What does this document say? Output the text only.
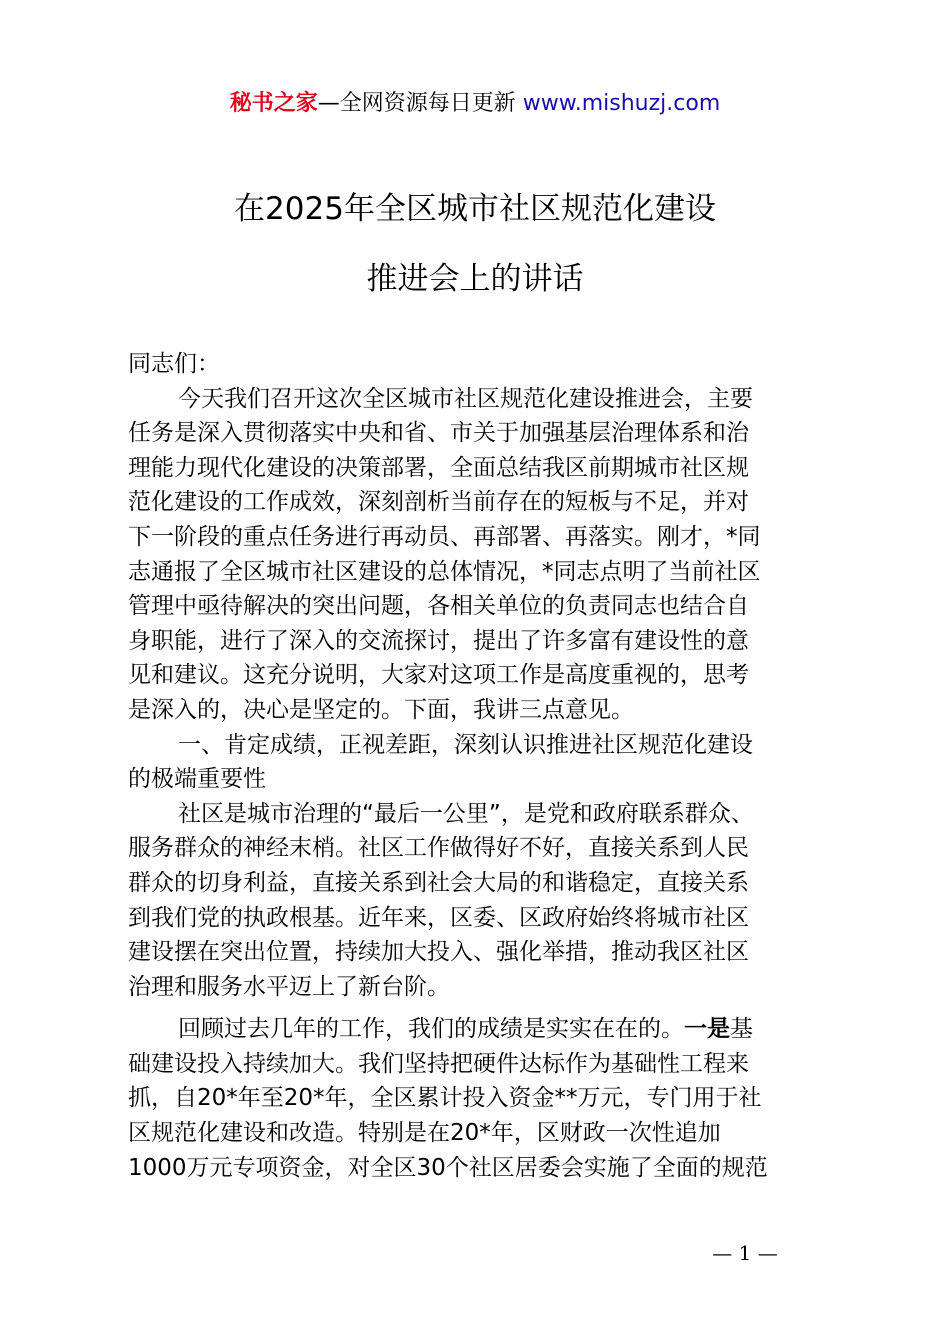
秘书之家—全网资源每日更新 www.mishuzj.com
在2025年全区城市社区规范化建设
推进会上的讲话
同志们：
今天我们召开这次全区城市社区规范化建设推进会，主要
任务是深入贯彻落实中央和省、市关于加强基层治理体系和治
理能力现代化建设的决策部署，全面总结我区前期城市社区规
范化建设的工作成效，深刻剖析当前存在的短板与不足，并对
下一阶段的重点任务进行再动员、再部署、再落实。刚才，*同
志通报了全区城市社区建设的总体情况，*同志点明了当前社区
管理中亟待解决的突出问题，各相关单位的负责同志也结合自
身职能，进行了深入的交流探讨，提出了许多富有建设性的意
见和建议。这充分说明，大家对这项工作是高度重视的，思考
是深入的，决心是坚定的。下面，我讲三点意见。
一、肯定成绩，正视差距，深刻认识推进社区规范化建设
的极端重要性
社区是城市治理的“最后一公里”，是党和政府联系群众、
服务群众的神经末梢。社区工作做得好不好，直接关系到人民
群众的切身利益，直接关系到社会大局的和谐稳定，直接关系
到我们党的执政根基。近年来，区委、区政府始终将城市社区
建设摆在突出位置，持续加大投入、强化举措，推动我区社区
治理和服务水平迈上了新台阶。
回顾过去几年的工作，我们的成绩是实实在在的。一是基
础建设投入持续加大。我们坚持把硬件达标作为基础性工程来
抓，自20*年至20*年，全区累计投入资金**万元，专门用于社
区规范化建设和改造。特别是在20*年，区财政一次性追加
1000万元专项资金，对全区30个社区居委会实施了全面的规范
— 1 —
